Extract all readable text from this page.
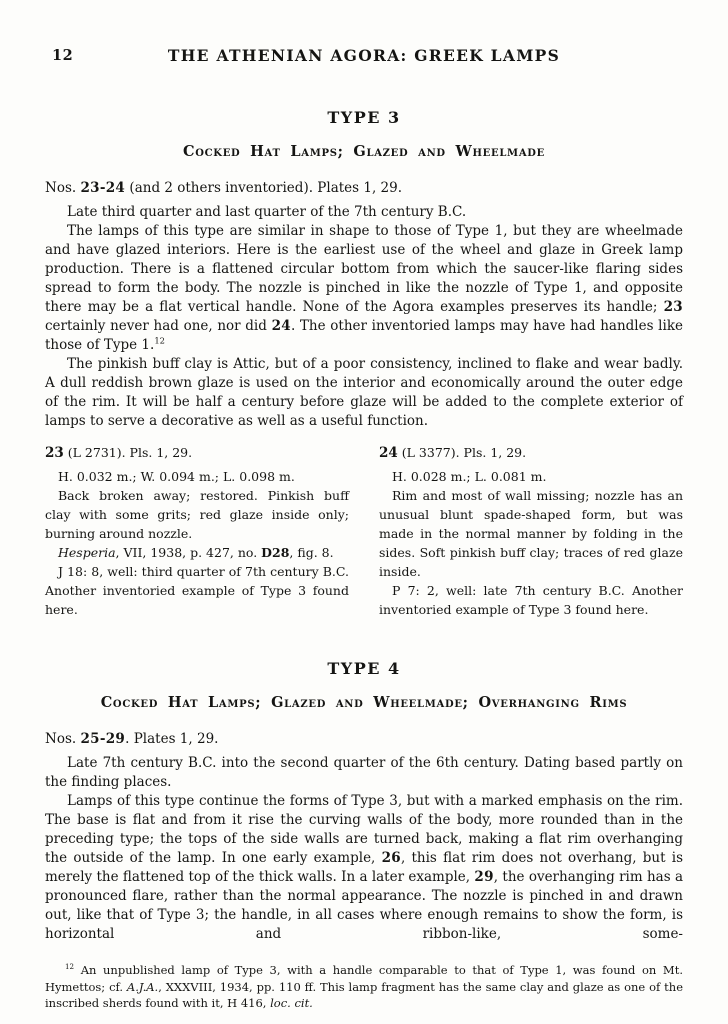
12	THE ATHENIAN AGORA: GREEK LAMPS
TYPE 3
Cocked Hat Lamps; Glazed and Wheelmade

Nos. 23-24 (and 2 others inventoried). Plates 1, 29.

Late third quarter and last quarter of the 7th century B.C.

The lamps of this type are similar in shape to those of Type 1, but they are wheelmade and have glazed interiors. Here is the earliest use of the wheel and glaze in Greek lamp production. There is a flattened circular bottom from which the saucer-like flaring sides spread to form the body. The nozzle is pinched in like the nozzle of Type 1, and opposite there may be a flat vertical handle. None of the Agora examples preserves its handle; 23 certainly never had one, nor did 24. The other inventoried lamps may have had handles like those of Type 1.12

The pinkish buff clay is Attic, but of a poor consistency, inclined to flake and wear badly. A dull reddish brown glaze is used on the interior and economically around the outer edge of the rim. It will be half a century before glaze will be added to the complete exterior of lamps to serve a decorative as well as a useful function.

23 (L 2731). Pls. 1, 29.

H. 0.032 m.; W. 0.094 m.; L. 0.098 m.

Back broken away; restored. Pinkish buff clay with some grits; red glaze inside only; burning around nozzle.

Hesperia, VII, 1938, p. 427, no. D28, fig. 8.

J 18: 8, well: third quarter of 7th century B.C. Another inventoried example of Type 3 found here.

24 (L 3377). Pls. 1, 29.

H. 0.028 m.; L. 0.081 m.

Rim and most of wall missing; nozzle has an unusual blunt spade-shaped form, but was made in the normal manner by folding in the sides. Soft pinkish buff clay; traces of red glaze inside.

P 7: 2, well: late 7th century B.C. Another inventoried example of Type 3 found here.

TYPE 4
Cocked Hat Lamps; Glazed and Wheelmade; Overhanging Rims

Nos. 25-29. Plates 1, 29.

Late 7th century B.C. into the second quarter of the 6th century. Dating based partly on the finding places.

Lamps of this type continue the forms of Type 3, but with a marked emphasis on the rim. The base is flat and from it rise the curving walls of the body, more rounded than in the preceding type; the tops of the side walls are turned back, making a flat rim overhanging the outside of the lamp. In one early example, 26, this flat rim does not overhang, but is merely the flattened top of the thick walls. In a later example, 29, the overhanging rim has a pronounced flare, rather than the normal appearance. The nozzle is pinched in and drawn out, like that of Type 3; the handle, in all cases where enough remains to show the form, is horizontal and ribbon-like, some-

$^{12}$ An unpublished lamp of Type 3, with a handle comparable to that of Type 1, was found on Mt. Hymettos; cf. A.J.A., XXXVIII, 1934, pp. 110 ff. This lamp fragment has the same clay and glaze as one of the inscribed sherds found with it, H 416, loc. cit.
